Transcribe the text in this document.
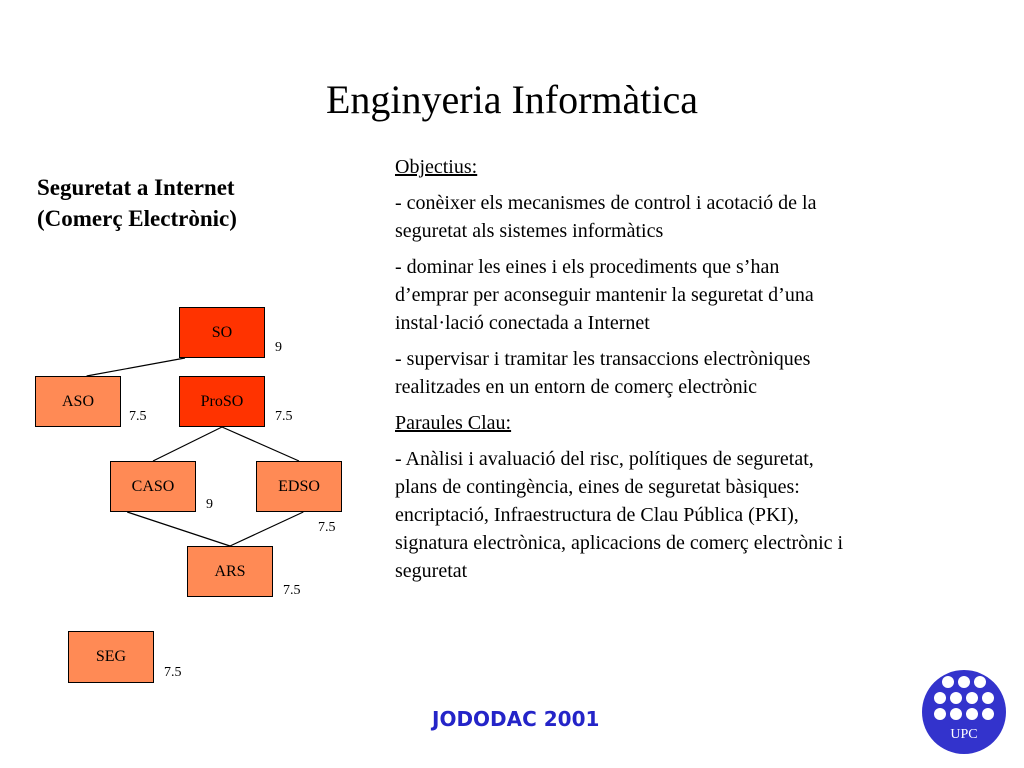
Enginyeria Informàtica
Seguretat a Internet
(Comerç Electrònic)
SO
ASO	ProSO
CASO	EDSO
ARS
SEG
9
7.5	7.5
9
7.5
7.5
7.5
Objectius:

- conèixer els mecanismes de control i acotació de la
seguretat als sistemes informàtics

- dominar les eines i els procediments que s’han
d’emprar per aconseguir mantenir la seguretat d’una
instal·lació conectada a Internet

- supervisar i tramitar les transaccions electròniques
realitzades en un entorn de comerç electrònic

Paraules Clau:

- Anàlisi i avaluació del risc, polítiques de seguretat,
plans de contingència, eines de seguretat bàsiques:
encriptació, Infraestructura de Clau Pública (PKI),
signatura electrònica, aplicacions de comerç electrònic i
seguretat

JODODAC 2001
UPC
